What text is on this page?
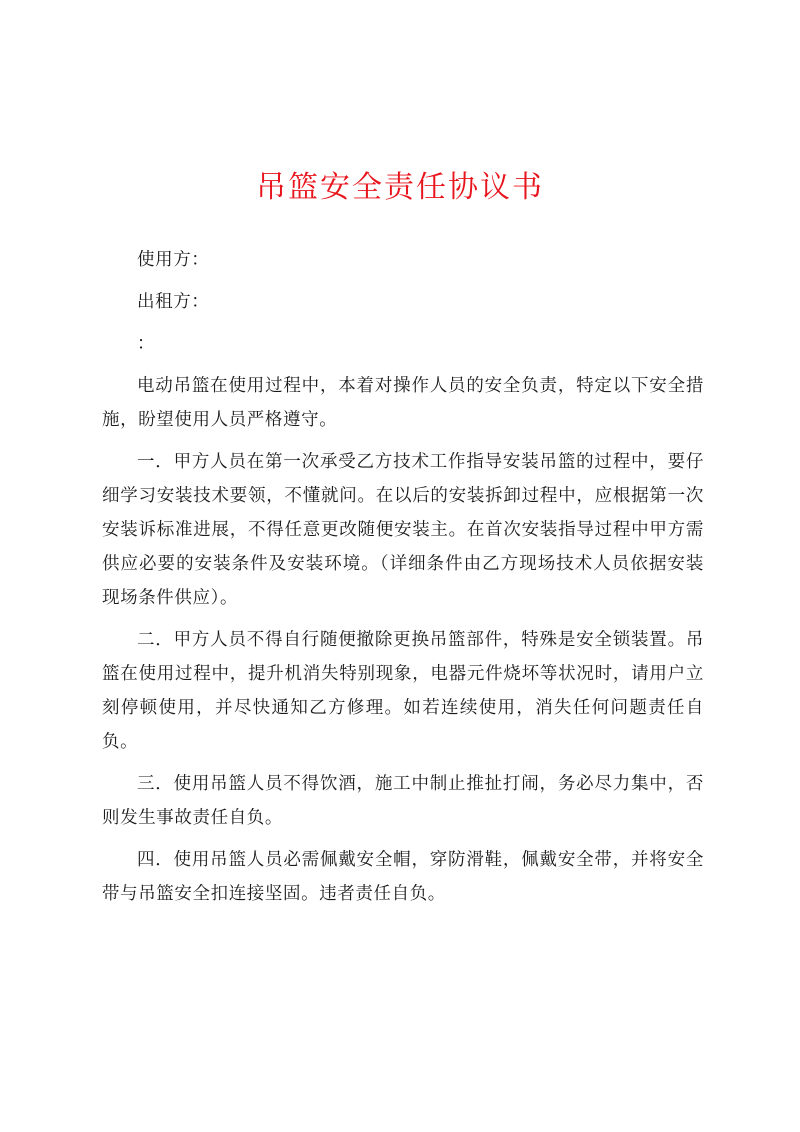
吊篮安全责任协议书

使用方：

出租方：

：

电动吊篮在使用过程中，本着对操作人员的安全负责，特定以下安全措施，盼望使用人员严格遵守。

一．甲方人员在第一次承受乙方技术工作指导安装吊篮的过程中，要仔细学习安装技术要领，不懂就问。在以后的安装拆卸过程中，应根据第一次安装诉标准进展，不得任意更改随便安装主。在首次安装指导过程中甲方需供应必要的安装条件及安装环境。（详细条件由乙方现场技术人员依据安装现场条件供应）。

二．甲方人员不得自行随便撤除更换吊篮部件，特殊是安全锁装置。吊篮在使用过程中，提升机消失特别现象，电器元件烧坏等状况时，请用户立刻停顿使用，并尽快通知乙方修理。如若连续使用，消失任何问题责任自负。

三．使用吊篮人员不得饮酒，施工中制止推扯打闹，务必尽力集中，否则发生事故责任自负。

四．使用吊篮人员必需佩戴安全帽，穿防滑鞋，佩戴安全带，并将安全带与吊篮安全扣连接坚固。违者责任自负。
